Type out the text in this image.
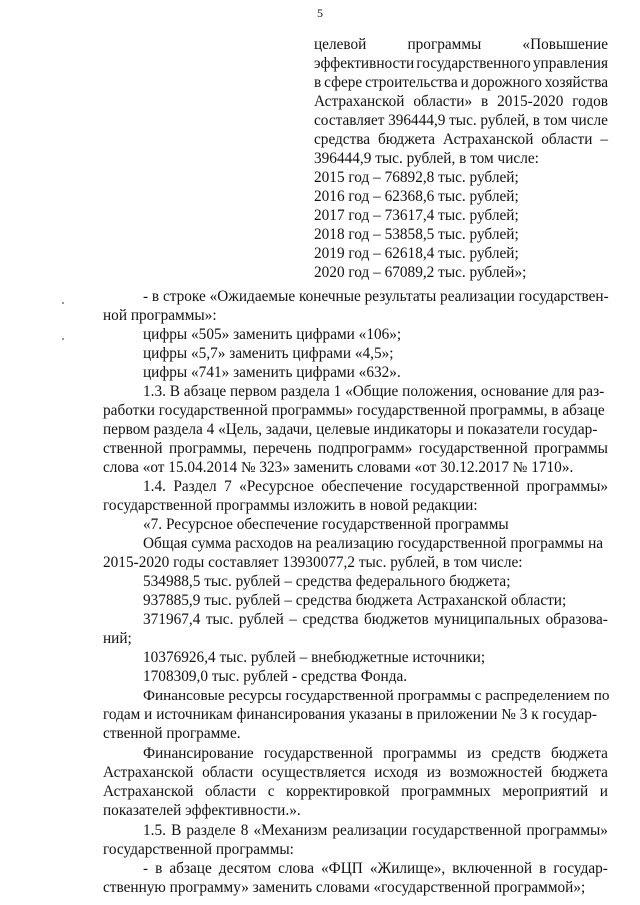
5
целевой	программы	«Повышение
эффективности государственного управления
в сфере строительства и дорожного хозяйства
Астраханской области» в 2015-2020 годов
составляет 396444,9 тыс. рублей, в том числе
средства бюджета Астраханской области –
396444,9 тыс. рублей, в том числе:
2015 год – 76892,8 тыс. рублей;
2016 год – 62368,6 тыс. рублей;
2017 год – 73617,4 тыс. рублей;
2018 год – 53858,5 тыс. рублей;
2019 год – 62618,4 тыс. рублей;
2020 год – 67089,2 тыс. рублей»;
- в строке «Ожидаемые конечные результаты реализации государствен-
ной программы»:
цифры «505» заменить цифрами «106»;
цифры «5,7» заменить цифрами «4,5»;
цифры «741» заменить цифрами «632».
1.3. В абзаце первом раздела 1 «Общие положения, основание для раз-
работки государственной программы» государственной программы, в абзаце
первом раздела 4 «Цель, задачи, целевые индикаторы и показатели государ-
ственной программы, перечень подпрограмм» государственной программы
слова «от 15.04.2014 № 323» заменить словами «от 30.12.2017 № 1710».
1.4. Раздел 7 «Ресурсное обеспечение государственной программы»
государственной программы изложить в новой редакции:
«7. Ресурсное обеспечение государственной программы
Общая сумма расходов на реализацию государственной программы на
2015-2020 годы составляет 13930077,2 тыс. рублей, в том числе:
534988,5 тыс. рублей – средства федерального бюджета;
937885,9 тыс. рублей – средства бюджета Астраханской области;
371967,4 тыс. рублей – средства бюджетов муниципальных образова-
ний;
10376926,4 тыс. рублей – внебюджетные источники;
1708309,0 тыс. рублей - средства Фонда.
Финансовые ресурсы государственной программы с распределением по
годам и источникам финансирования указаны в приложении № 3 к государ-
ственной программе.
Финансирование государственной программы из средств бюджета
Астраханской области осуществляется исходя из возможностей бюджета
Астраханской области с корректировкой программных мероприятий и
показателей эффективности.».
1.5. В разделе 8 «Механизм реализации государственной программы»
государственной программы:
- в абзаце десятом слова «ФЦП «Жилище», включенной в государ-
ственную программу» заменить словами «государственной программой»;
